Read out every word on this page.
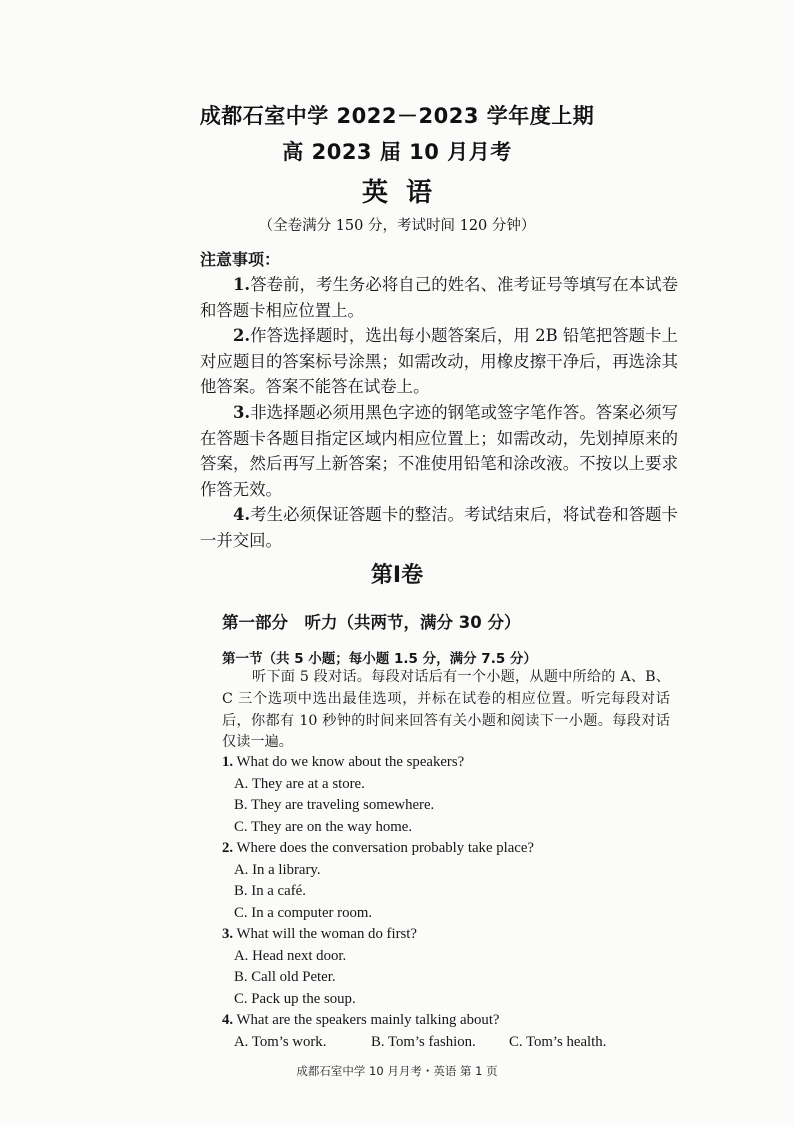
成都石室中学 2022－2023 学年度上期
高 2023 届 10 月月考
英语
（全卷满分 150 分，考试时间 120 分钟）
注意事项：

1.答卷前，考生务必将自己的姓名、准考证号等填写在本试卷和答题卡相应位置上。

2.作答选择题时，选出每小题答案后，用 2B 铅笔把答题卡上对应题目的答案标号涂黑；如需改动，用橡皮擦干净后，再选涂其他答案。答案不能答在试卷上。

3.非选择题必须用黑色字迹的钢笔或签字笔作答。答案必须写在答题卡各题目指定区域内相应位置上；如需改动，先划掉原来的答案，然后再写上新答案；不准使用铅笔和涂改液。不按以上要求作答无效。

4.考生必须保证答题卡的整洁。考试结束后，将试卷和答题卡一并交回。

第Ⅰ卷
第一部分　听力（共两节，满分 30 分）
第一节（共 5 小题；每小题 1.5 分，满分 7.5 分）

听下面 5 段对话。每段对话后有一个小题，从题中所给的 A、B、C 三个选项中选出最佳选项，并标在试卷的相应位置。听完每段对话后，你都有 10 秒钟的时间来回答有关小题和阅读下一小题。每段对话仅读一遍。

1. What do we know about the speakers?
A. They are at a store.
B. They are traveling somewhere.
C. They are on the way home.
2. Where does the conversation probably take place?
A. In a library.
B. In a café.
C. In a computer room.
3. What will the woman do first?
A. Head next door.
B. Call old Peter.
C. Pack up the soup.
4. What are the speakers mainly talking about?
A. Tom’s work.	B. Tom’s fashion.	C. Tom’s health.
成都石室中学 10 月月考・英语 第 1 页
